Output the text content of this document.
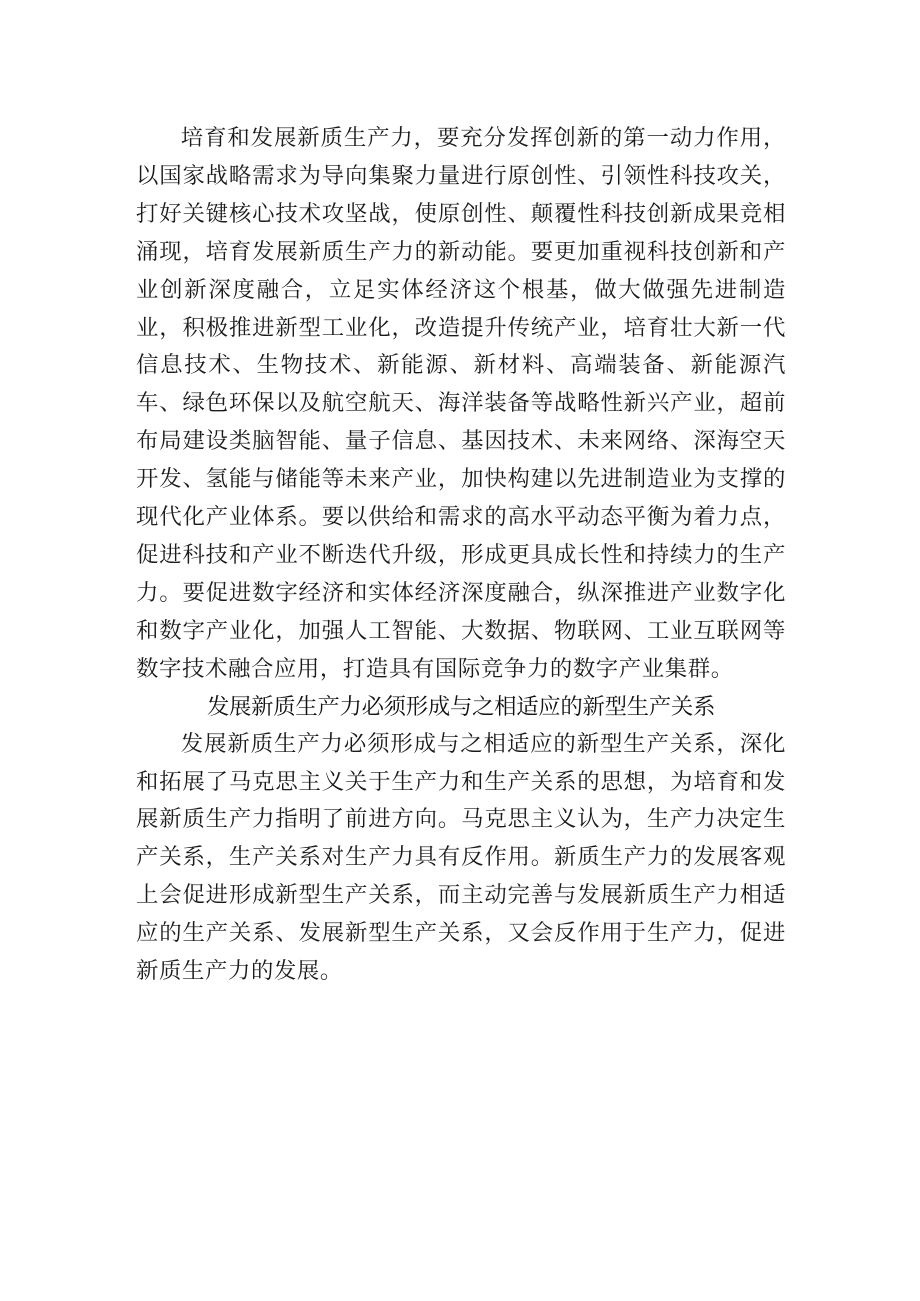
培育和发展新质生产力，要充分发挥创新的第一动力作用，以国家战略需求为导向集聚力量进行原创性、引领性科技攻关，打好关键核心技术攻坚战，使原创性、颠覆性科技创新成果竞相涌现，培育发展新质生产力的新动能。要更加重视科技创新和产业创新深度融合，立足实体经济这个根基，做大做强先进制造业，积极推进新型工业化，改造提升传统产业，培育壮大新一代信息技术、生物技术、新能源、新材料、高端装备、新能源汽车、绿色环保以及航空航天、海洋装备等战略性新兴产业，超前布局建设类脑智能、量子信息、基因技术、未来网络、深海空天开发、氢能与储能等未来产业，加快构建以先进制造业为支撑的现代化产业体系。要以供给和需求的高水平动态平衡为着力点，促进科技和产业不断迭代升级，形成更具成长性和持续力的生产力。要促进数字经济和实体经济深度融合，纵深推进产业数字化和数字产业化，加强人工智能、大数据、物联网、工业互联网等数字技术融合应用，打造具有国际竞争力的数字产业集群。

发展新质生产力必须形成与之相适应的新型生产关系

发展新质生产力必须形成与之相适应的新型生产关系，深化和拓展了马克思主义关于生产力和生产关系的思想，为培育和发展新质生产力指明了前进方向。马克思主义认为，生产力决定生产关系，生产关系对生产力具有反作用。新质生产力的发展客观上会促进形成新型生产关系，而主动完善与发展新质生产力相适应的生产关系、发展新型生产关系，又会反作用于生产力，促进新质生产力的发展。
